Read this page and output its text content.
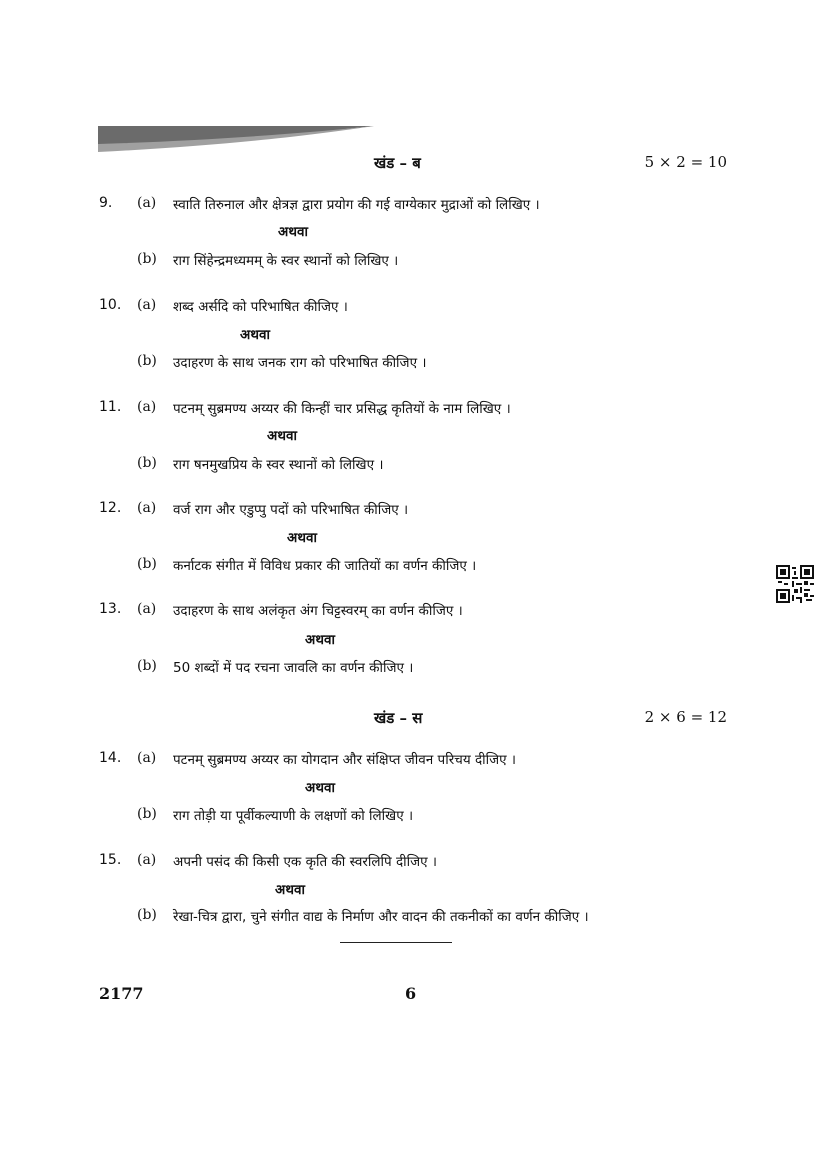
खंड – ब	5 × 2 = 10
9. (a) स्वाति तिरुनाल और क्षेत्रज्ञ द्वारा प्रयोग की गई वाग्येकार मुद्राओं को लिखिए ।
अथवा
(b) राग सिंहेन्द्रमध्यमम् के स्वर स्थानों को लिखिए ।
10. (a) शब्द अर्सदि को परिभाषित कीजिए ।
अथवा
(b) उदाहरण के साथ जनक राग को परिभाषित कीजिए ।
11. (a) पटनम् सुब्रमण्य अय्यर की किन्हीं चार प्रसिद्ध कृतियों के नाम लिखिए ।
अथवा
(b) राग षनमुखप्रिय के स्वर स्थानों को लिखिए ।
12. (a) वर्ज राग और एडुप्पु पदों को परिभाषित कीजिए ।
अथवा
(b) कर्नाटक संगीत में विविध प्रकार की जातियों का वर्णन कीजिए ।
13. (a) उदाहरण के साथ अलंकृत अंग चिट्टस्वरम् का वर्णन कीजिए ।
अथवा
(b) 50 शब्दों में पद रचना जावलि का वर्णन कीजिए ।
खंड – स	2 × 6 = 12
14. (a) पटनम् सुब्रमण्य अय्यर का योगदान और संक्षिप्त जीवन परिचय दीजिए ।
अथवा
(b) राग तोड़ी या पूर्वीकल्याणी के लक्षणों को लिखिए ।
15. (a) अपनी पसंद की किसी एक कृति की स्वरलिपि दीजिए ।
अथवा
(b) रेखा-चित्र द्वारा, चुने संगीत वाद्य के निर्माण और वादन की तकनीकों का वर्णन कीजिए ।
2177	6
